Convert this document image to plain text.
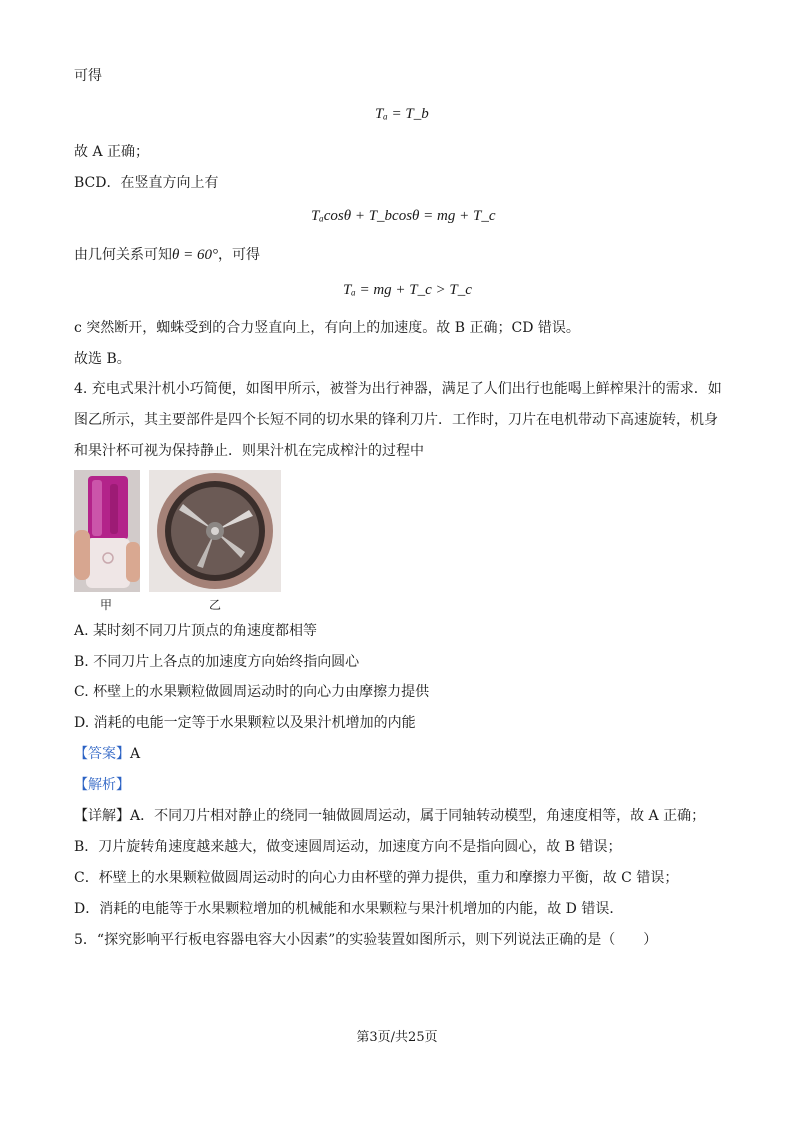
可得
Tₐ = T_b
故 A 正确；
BCD．在竖直方向上有
Tₐcosθ + T_bcosθ = mg + T_c
由几何关系可知θ = 60°，可得
Tₐ = mg + T_c > T_c
c 突然断开，蜘蛛受到的合力竖直向上，有向上的加速度。故 B 正确；CD 错误。
故选 B。
4. 充电式果汁机小巧简便，如图甲所示，被誉为出行神器，满足了人们出行也能喝上鲜榨果汁的需求．如图乙所示，其主要部件是四个长短不同的切水果的锋利刀片．工作时，刀片在电机带动下高速旋转，机身和果汁杯可视为保持静止．则果汁机在完成榨汁的过程中
甲	乙
A. 某时刻不同刀片顶点的角速度都相等
B. 不同刀片上各点的加速度方向始终指向圆心
C. 杯壁上的水果颗粒做圆周运动时的向心力由摩擦力提供
D. 消耗的电能一定等于水果颗粒以及果汁机增加的内能
【答案】A
【解析】
【详解】A．不同刀片相对静止的绕同一轴做圆周运动，属于同轴转动模型，角速度相等，故 A 正确；
B．刀片旋转角速度越来越大，做变速圆周运动，加速度方向不是指向圆心，故 B 错误；
C．杯壁上的水果颗粒做圆周运动时的向心力由杯壁的弹力提供，重力和摩擦力平衡，故 C 错误；
D．消耗的电能等于水果颗粒增加的机械能和水果颗粒与果汁机增加的内能，故 D 错误．
5．“探究影响平行板电容器电容大小因素”的实验装置如图所示，则下列说法正确的是（　　）
第3页/共25页
